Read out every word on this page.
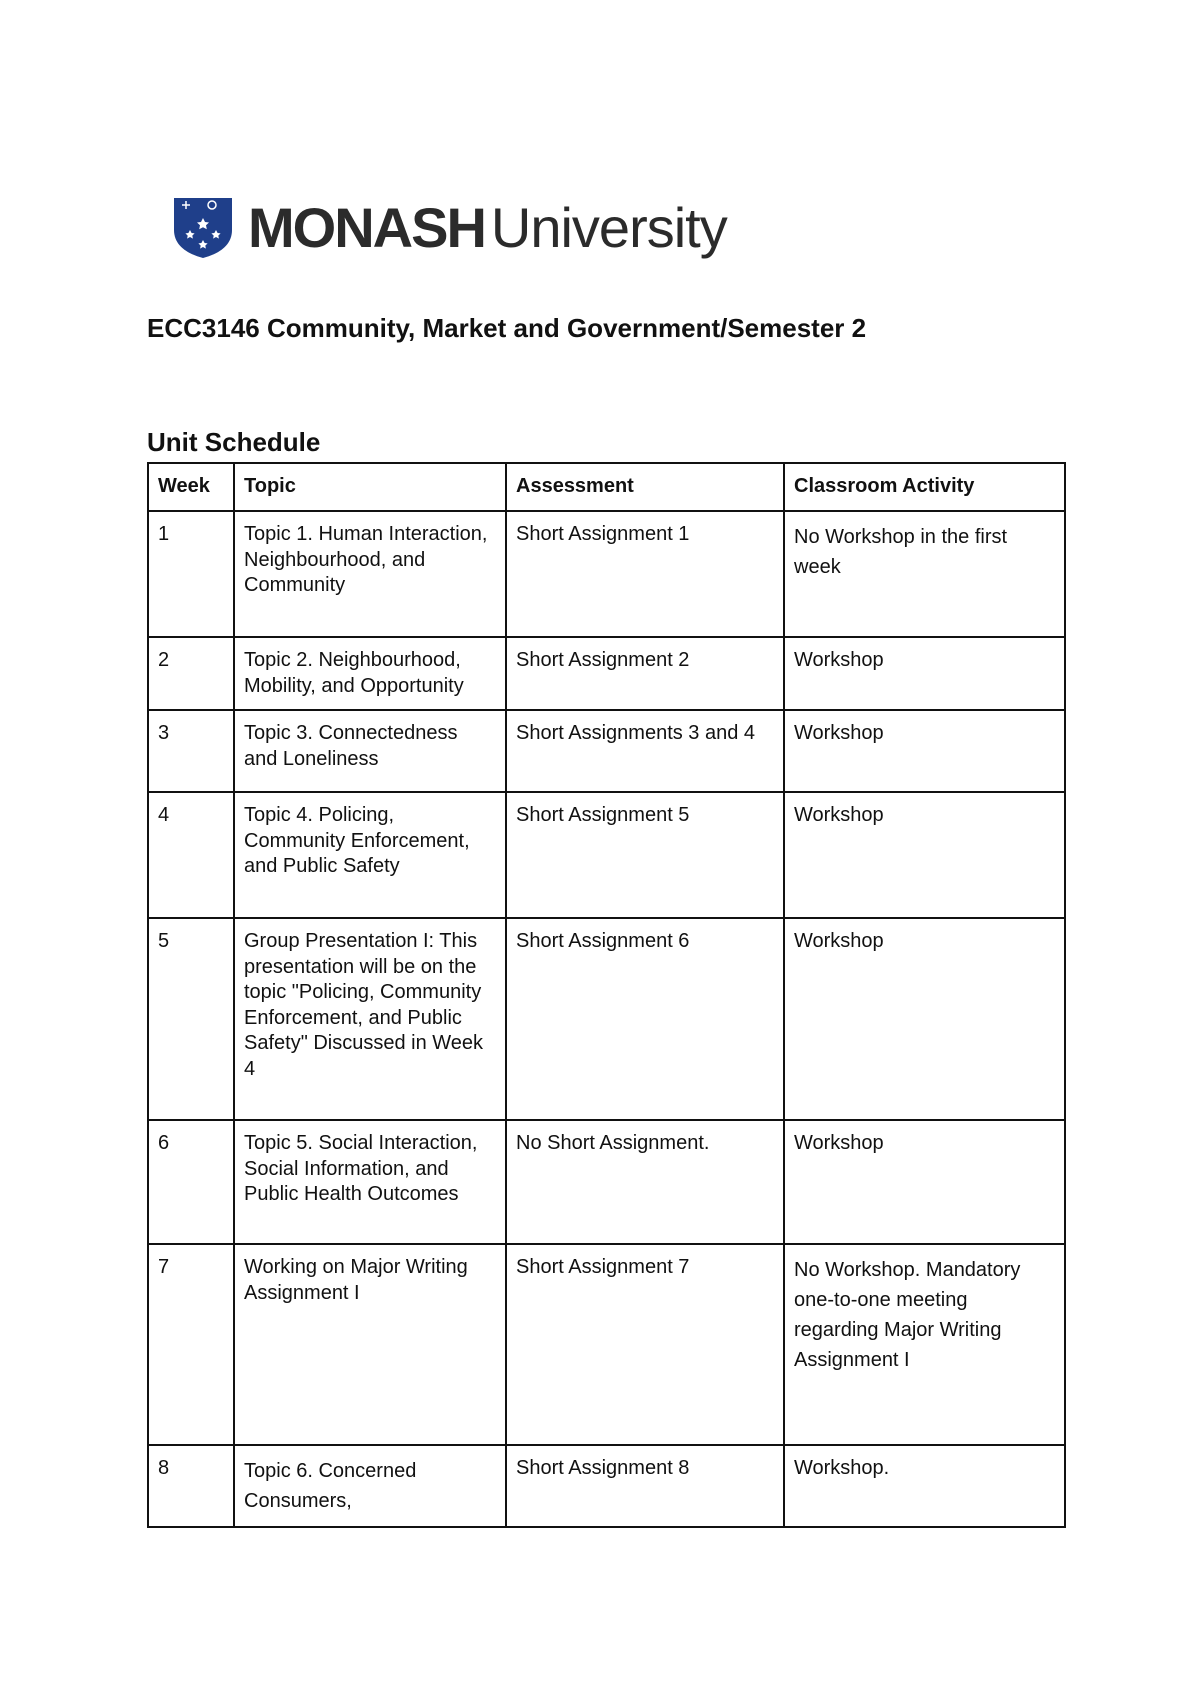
MONASH University
ECC3146 Community, Market and Government/Semester 2
Unit Schedule
Week	Topic	Assessment	Classroom Activity
1	Topic 1. Human Interaction, Neighbourhood, and Community	Short Assignment 1	No Workshop in the first week
2	Topic 2. Neighbourhood, Mobility, and Opportunity	Short Assignment 2	Workshop
3	Topic 3. Connectedness and Loneliness	Short Assignments 3 and 4	Workshop
4	Topic 4. Policing, Community Enforcement, and Public Safety	Short Assignment 5	Workshop
5	Group Presentation I: This presentation will be on the topic "Policing, Community Enforcement, and Public Safety" Discussed in Week 4	Short Assignment 6	Workshop
6	Topic 5. Social Interaction, Social Information, and Public Health Outcomes	No Short Assignment.	Workshop
7	Working on Major Writing Assignment I	Short Assignment 7	No Workshop. Mandatory one-to-one meeting regarding Major Writing Assignment I
8	Topic 6. Concerned Consumers,	Short Assignment 8	Workshop.
